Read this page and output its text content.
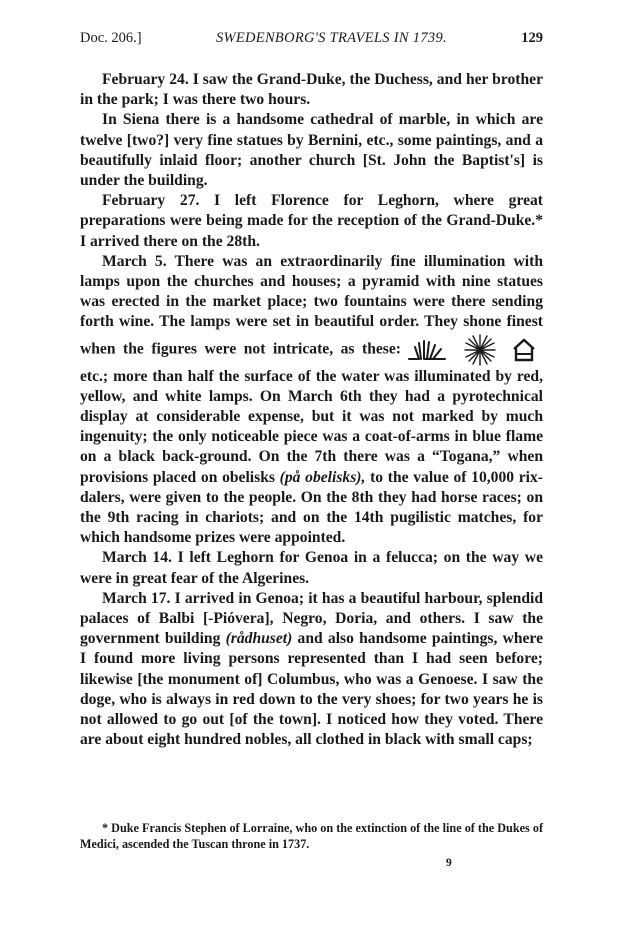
Doc. 206.]	SWEDENBORG'S TRAVELS IN 1739.	129

February 24. I saw the Grand-Duke, the Duchess, and her brother in the park; I was there two hours.

In Siena there is a handsome cathedral of marble, in which are twelve [two?] very fine statues by Bernini, etc., some paintings, and a beautifully inlaid floor; another church [St. John the Baptist's] is under the building.

February 27. I left Florence for Leghorn, where great preparations were being made for the reception of the Grand-Duke.* I arrived there on the 28th.

March 5. There was an extraordinarily fine illumination with lamps upon the churches and houses; a pyramid with nine statues was erected in the market place; two fountains were there sending forth wine. The lamps were set in beautiful order. They shone finest when the figures were not intricate, as these:
etc.; more than half the surface of the water was illuminated by red, yellow, and white lamps. On March 6th they had a pyrotechnical display at considerable expense, but it was not marked by much ingenuity; the only noticeable piece was a coat-of-arms in blue flame on a black back-ground. On the 7th there was a “Togana,” when provisions placed on obelisks (på obelisks), to the value of 10,000 rix-dalers, were given to the people. On the 8th they had horse races; on the 9th racing in chariots; and on the 14th pugilistic matches, for which handsome prizes were appointed.

March 14. I left Leghorn for Genoa in a felucca; on the way we were in great fear of the Algerines.

March 17. I arrived in Genoa; it has a beautiful harbour, splendid palaces of Balbi [-Pióvera], Negro, Doria, and others. I saw the government building (rådhuset) and also handsome paintings, where I found more living persons represented than I had seen before; likewise [the monument of] Columbus, who was a Genoese. I saw the doge, who is always in red down to the very shoes; for two years he is not allowed to go out [of the town]. I noticed how they voted. There are about eight hundred nobles, all clothed in black with small caps;

* Duke Francis Stephen of Lorraine, who on the extinction of the line of the Dukes of Medici, ascended the Tuscan throne in 1737.

9
